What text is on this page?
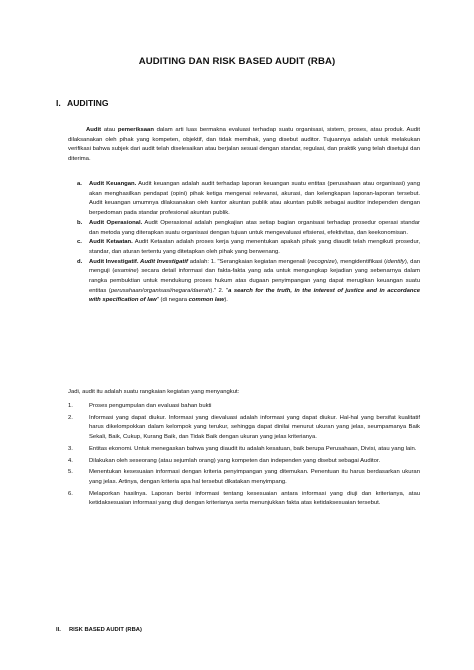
AUDITING DAN RISK BASED AUDIT (RBA)
I. AUDITING
Audit atau pemeriksaan dalam arti luas bermakna evaluasi terhadap suatu organisasi, sistem, proses, atau produk. Audit dilaksanakan oleh pihak yang kompeten, objektif, dan tidak memihak, yang disebut auditor. Tujuannya adalah untuk melakukan verifikasi bahwa subjek dari audit telah diselesaikan atau berjalan sesuai dengan standar, regulasi, dan praktik yang telah disetujui dan diterima.
a. Audit Keuangan. Audit keuangan adalah audit terhadap laporan keuangan suatu entitas (perusahaan atau organisasi) yang akan menghasilkan pendapat (opini) pihak ketiga mengenai relevansi, akurasi, dan kelengkapan laporan-laporan tersebut. Audit keuangan umumnya dilaksanakan oleh kantor akuntan publik atau akuntan publik sebagai auditor independen dengan berpedoman pada standar profesional akuntan publik.
b. Audit Operasional. Audit Operasional adalah pengkajian atas setiap bagian organisasi terhadap prosedur operasi standar dan metoda yang diterapkan suatu organisasi dengan tujuan untuk mengevaluasi efisiensi, efektivitas, dan keekonomisan.
c. Audit Ketaatan. Audit Ketaatan adalah proses kerja yang menentukan apakah pihak yang diaudit telah mengikuti prosedur, standar, dan aturan tertentu yang ditetapkan oleh pihak yang berwenang.
d. Audit Investigatif. Audit Investigatif adalah: 1. "Serangkaian kegiatan mengenali (recognize), mengidentifikasi (identify), dan menguji (examine) secara detail informasi dan fakta-fakta yang ada untuk mengungkap kejadian yang sebenarnya dalam rangka pembuktian untuk mendukung proses hukum atas dugaan penyimpangan yang dapat merugikan keuangan suatu entitas (perusahaan/organisasi/negara/daerah)." 2. "a search for the truth, in the interest of justice and in accordance with specification of law" (di negara common law).
Jadi, audit itu adalah suatu rangkaian kegiatan yang menyangkut:
1.	Proses pengumpulan dan evaluasi bahan bukti
2.	Informasi yang dapat diukur. Informasi yang dievaluasi adalah informasi yang dapat diukur. Hal-hal yang bersifat kualitatif harus dikelompokkan dalam kelompok yang terukur, sehingga dapat dinilai menurut ukuran yang jelas, seumpamanya Baik Sekali, Baik, Cukup, Kurang Baik, dan Tidak Baik dengan ukuran yang jelas kriterianya.
3.	Entitas ekonomi. Untuk menegaskan bahwa yang diaudit itu adalah kesatuan, baik berupa Perusahaan, Divisi, atau yang lain.
4.	Dilakukan oleh seseorang (atau sejumlah orang) yang kompeten dan independen yang disebut sebagai Auditor.
5.	Menentukan kesesuaian informasi dengan kriteria penyimpangan yang ditemukan. Penentuan itu harus berdasarkan ukuran yang jelas. Artinya, dengan kriteria apa hal tersebut dikatakan menyimpang.
6.	Melaporkan hasilnya. Laporan berisi informasi tentang kesesuaian antara informasi yang diuji dan kriterianya, atau ketidaksesuaian informasi yang diuji dengan kriterianya serta menunjukkan fakta atas ketidaksesuaian tersebut.
II. RISK BASED AUDIT (RBA)
